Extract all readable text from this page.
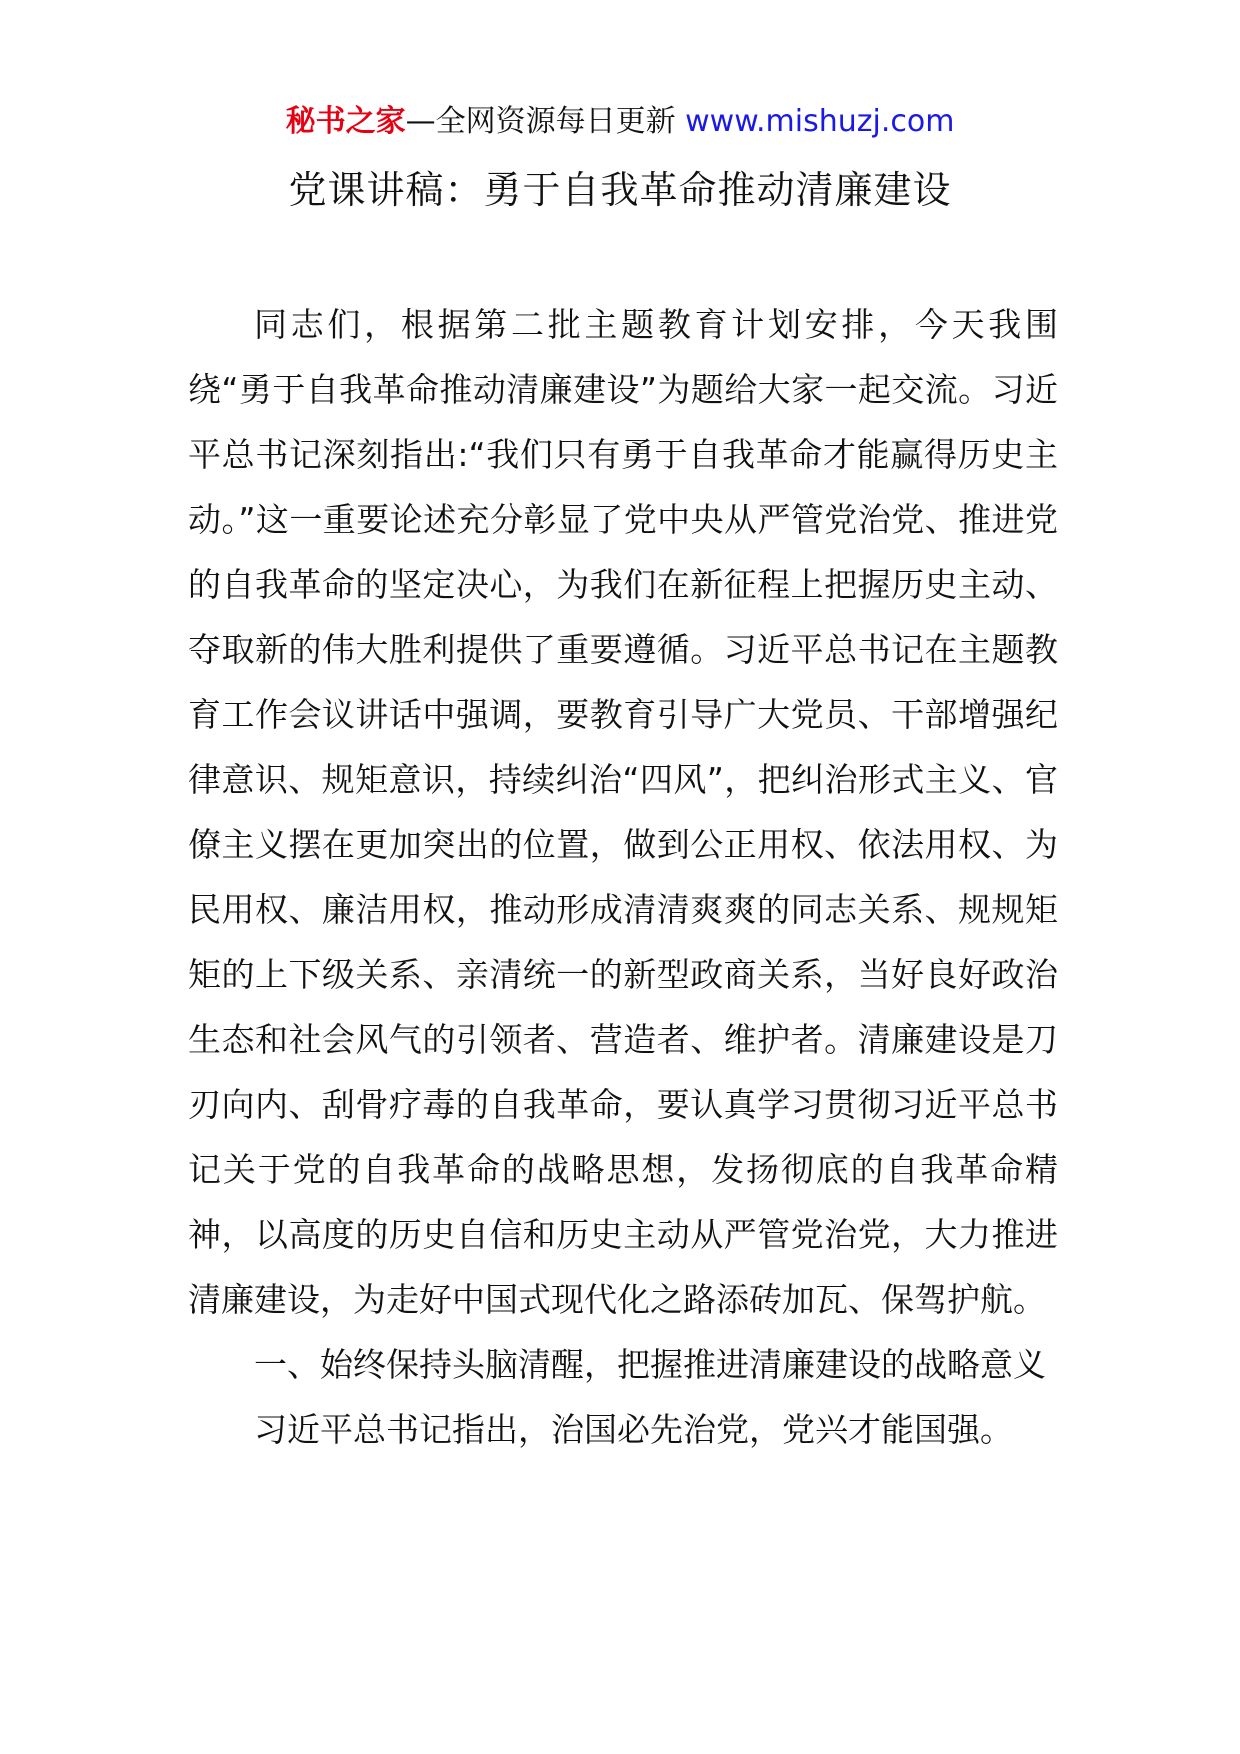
秘书之家—全网资源每日更新 www.mishuzj.com
党课讲稿：勇于自我革命推动清廉建设

同志们，根据第二批主题教育计划安排，今天我围绕“勇于自我革命推动清廉建设”为题给大家一起交流。习近平总书记深刻指出:“我们只有勇于自我革命才能赢得历史主动。”这一重要论述充分彰显了党中央从严管党治党、推进党的自我革命的坚定决心，为我们在新征程上把握历史主动、夺取新的伟大胜利提供了重要遵循。习近平总书记在主题教育工作会议讲话中强调，要教育引导广大党员、干部增强纪律意识、规矩意识，持续纠治“四风”，把纠治形式主义、官僚主义摆在更加突出的位置，做到公正用权、依法用权、为民用权、廉洁用权，推动形成清清爽爽的同志关系、规规矩矩的上下级关系、亲清统一的新型政商关系，当好良好政治生态和社会风气的引领者、营造者、维护者。清廉建设是刀刃向内、刮骨疗毒的自我革命，要认真学习贯彻习近平总书记关于党的自我革命的战略思想，发扬彻底的自我革命精神，以高度的历史自信和历史主动从严管党治党，大力推进清廉建设，为走好中国式现代化之路添砖加瓦、保驾护航。

一、始终保持头脑清醒，把握推进清廉建设的战略意义

习近平总书记指出，治国必先治党，党兴才能国强。
